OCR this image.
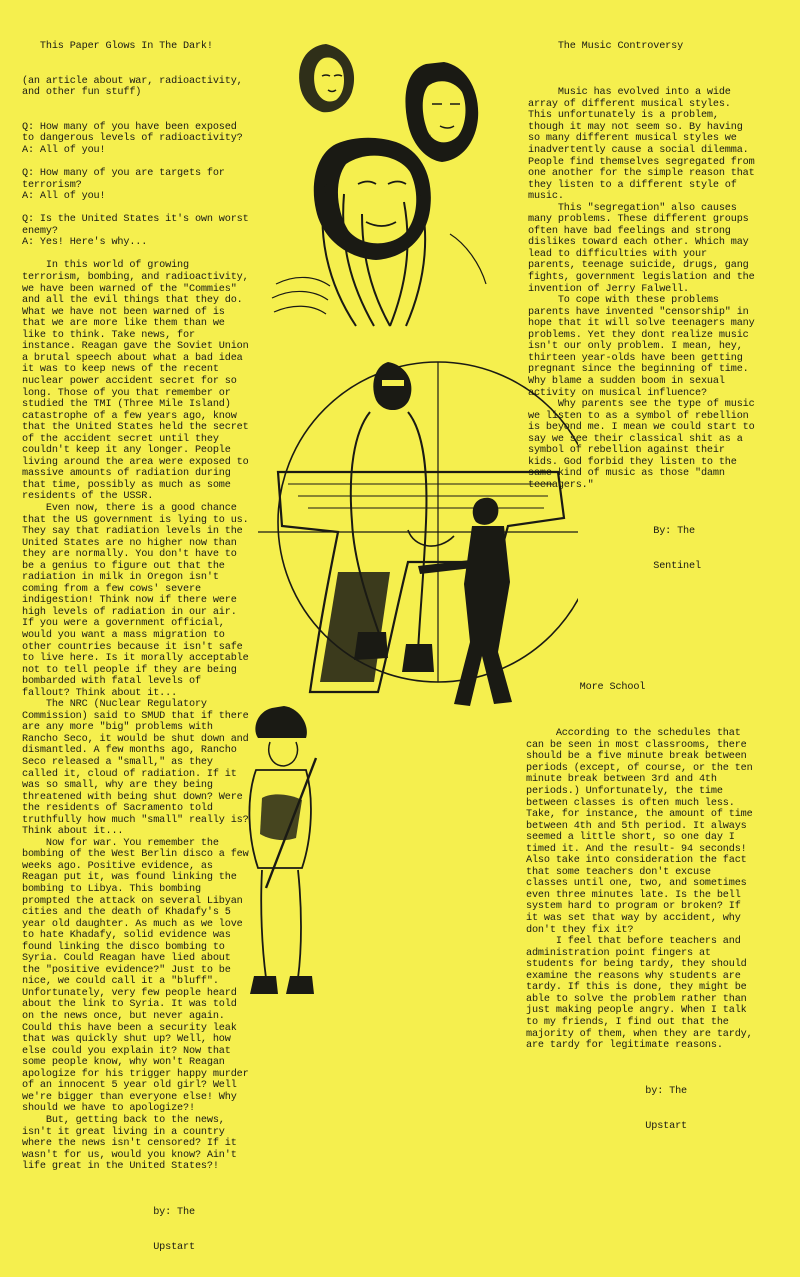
This Paper Glows In The Dark!

(an article about war, radioactivity,
and other fun stuff)

Q: How many of you have been exposed
to dangerous levels of radioactivity?
A: All of you!

Q: How many of you are targets for
terrorism?
A: All of you!

Q: Is the United States it's own worst
enemy?
A: Yes! Here's why...

In this world of growing
terrorism, bombing, and radioactivity,
we have been warned of the "Commies"
and all the evil things that they do.
What we have not been warned of is
that we are more like them than we
like to think. Take news, for
instance. Reagan gave the Soviet Union
a brutal speech about what a bad idea
it was to keep news of the recent
nuclear power accident secret for so
long. Those of you that remember or
studied the TMI (Three Mile Island)
catastrophe of a few years ago, know
that the United States held the secret
of the accident secret until they
couldn't keep it any longer. People
living around the area were exposed to
massive amounts of radiation during
that time, possibly as much as some
residents of the USSR.
Even now, there is a good chance
that the US government is lying to us.
They say that radiation levels in the
United States are no higher now than
they are normally. You don't have to
be a genius to figure out that the
radiation in milk in Oregon isn't
coming from a few cows' severe
indigestion! Think now if there were
high levels of radiation in our air.
If you were a government official,
would you want a mass migration to
other countries because it isn't safe
to live here. Is it morally acceptable
not to tell people if they are being
bombarded with fatal levels of
fallout? Think about it...
The NRC (Nuclear Regulatory
Commission) said to SMUD that if there
are any more "big" problems with
Rancho Seco, it would be shut down and
dismantled. A few months ago, Rancho
Seco released a "small," as they
called it, cloud of radiation. If it
was so small, why are they being
threatened with being shut down? Were
the residents of Sacramento told
truthfully how much "small" really is?
Think about it...
Now for war. You remember the
bombing of the West Berlin disco a few
weeks ago. Positive evidence, as
Reagan put it, was found linking the
bombing to Libya. This bombing
prompted the attack on several Libyan
cities and the death of Khadafy's 5
year old daughter. As much as we love
to hate Khadafy, solid evidence was
found linking the disco bombing to
Syria. Could Reagan have lied about
the "positive evidence?" Just to be
nice, we could call it a "bluff".
Unfortunately, very few people heard
about the link to Syria. It was told
on the news once, but never again.
Could this have been a security leak
that was quickly shut up? Well, how
else could you explain it? Now that
some people know, why won't Reagan
apologize for his trigger happy murder
of an innocent 5 year old girl? Well
we're bigger than everyone else! Why
should we have to apologize?!
But, getting back to the news,
isn't it great living in a country
where the news isn't censored? If it
wasn't for us, would you know? Ain't
life great in the United States?!

by: The

Upstart

The Music Controversy

Music has evolved into a wide
array of different musical styles.
This unfortunately is a problem,
though it may not seem so. By having
so many different musical styles we
inadvertently cause a social dilemma.
People find themselves segregated from
one another for the simple reason that
they listen to a different style of
music.
This "segregation" also causes
many problems. These different groups
often have bad feelings and strong
dislikes toward each other. Which may
lead to difficulties with your
parents, teenage suicide, drugs, gang
fights, government legislation and the
invention of Jerry Falwell.
To cope with these problems
parents have invented "censorship" in
hope that it will solve teenagers many
problems. Yet they dont realize music
isn't our only problem. I mean, hey,
thirteen year-olds have been getting
pregnant since the beginning of time.
Why blame a sudden boom in sexual
activity on musical influence?
Why parents see the type of music
we listen to as a symbol of rebellion
is beyond me. I mean we could start to
say we see their classical shit as a
symbol of rebellion against their
kids. God forbid they listen to the
same kind of music as those "damn
teenagers."

By: The

Sentinel

More School

According to the schedules that
can be seen in most classrooms, there
should be a five minute break between
periods (except, of course, or the ten
minute break between 3rd and 4th
periods.) Unfortunately, the time
between classes is often much less.
Take, for instance, the amount of time
between 4th and 5th period. It always
seemed a little short, so one day I
timed it. And the result- 94 seconds!
Also take into consideration the fact
that some teachers don't excuse
classes until one, two, and sometimes
even three minutes late. Is the bell
system hard to program or broken? If
it was set that way by accident, why
don't they fix it?
I feel that before teachers and
administration point fingers at
students for being tardy, they should
examine the reasons why students are
tardy. If this is done, they might be
able to solve the problem rather than
just making people angry. When I talk
to my friends, I find out that the
majority of them, when they are tardy,
are tardy for legitimate reasons.

by: The

Upstart
